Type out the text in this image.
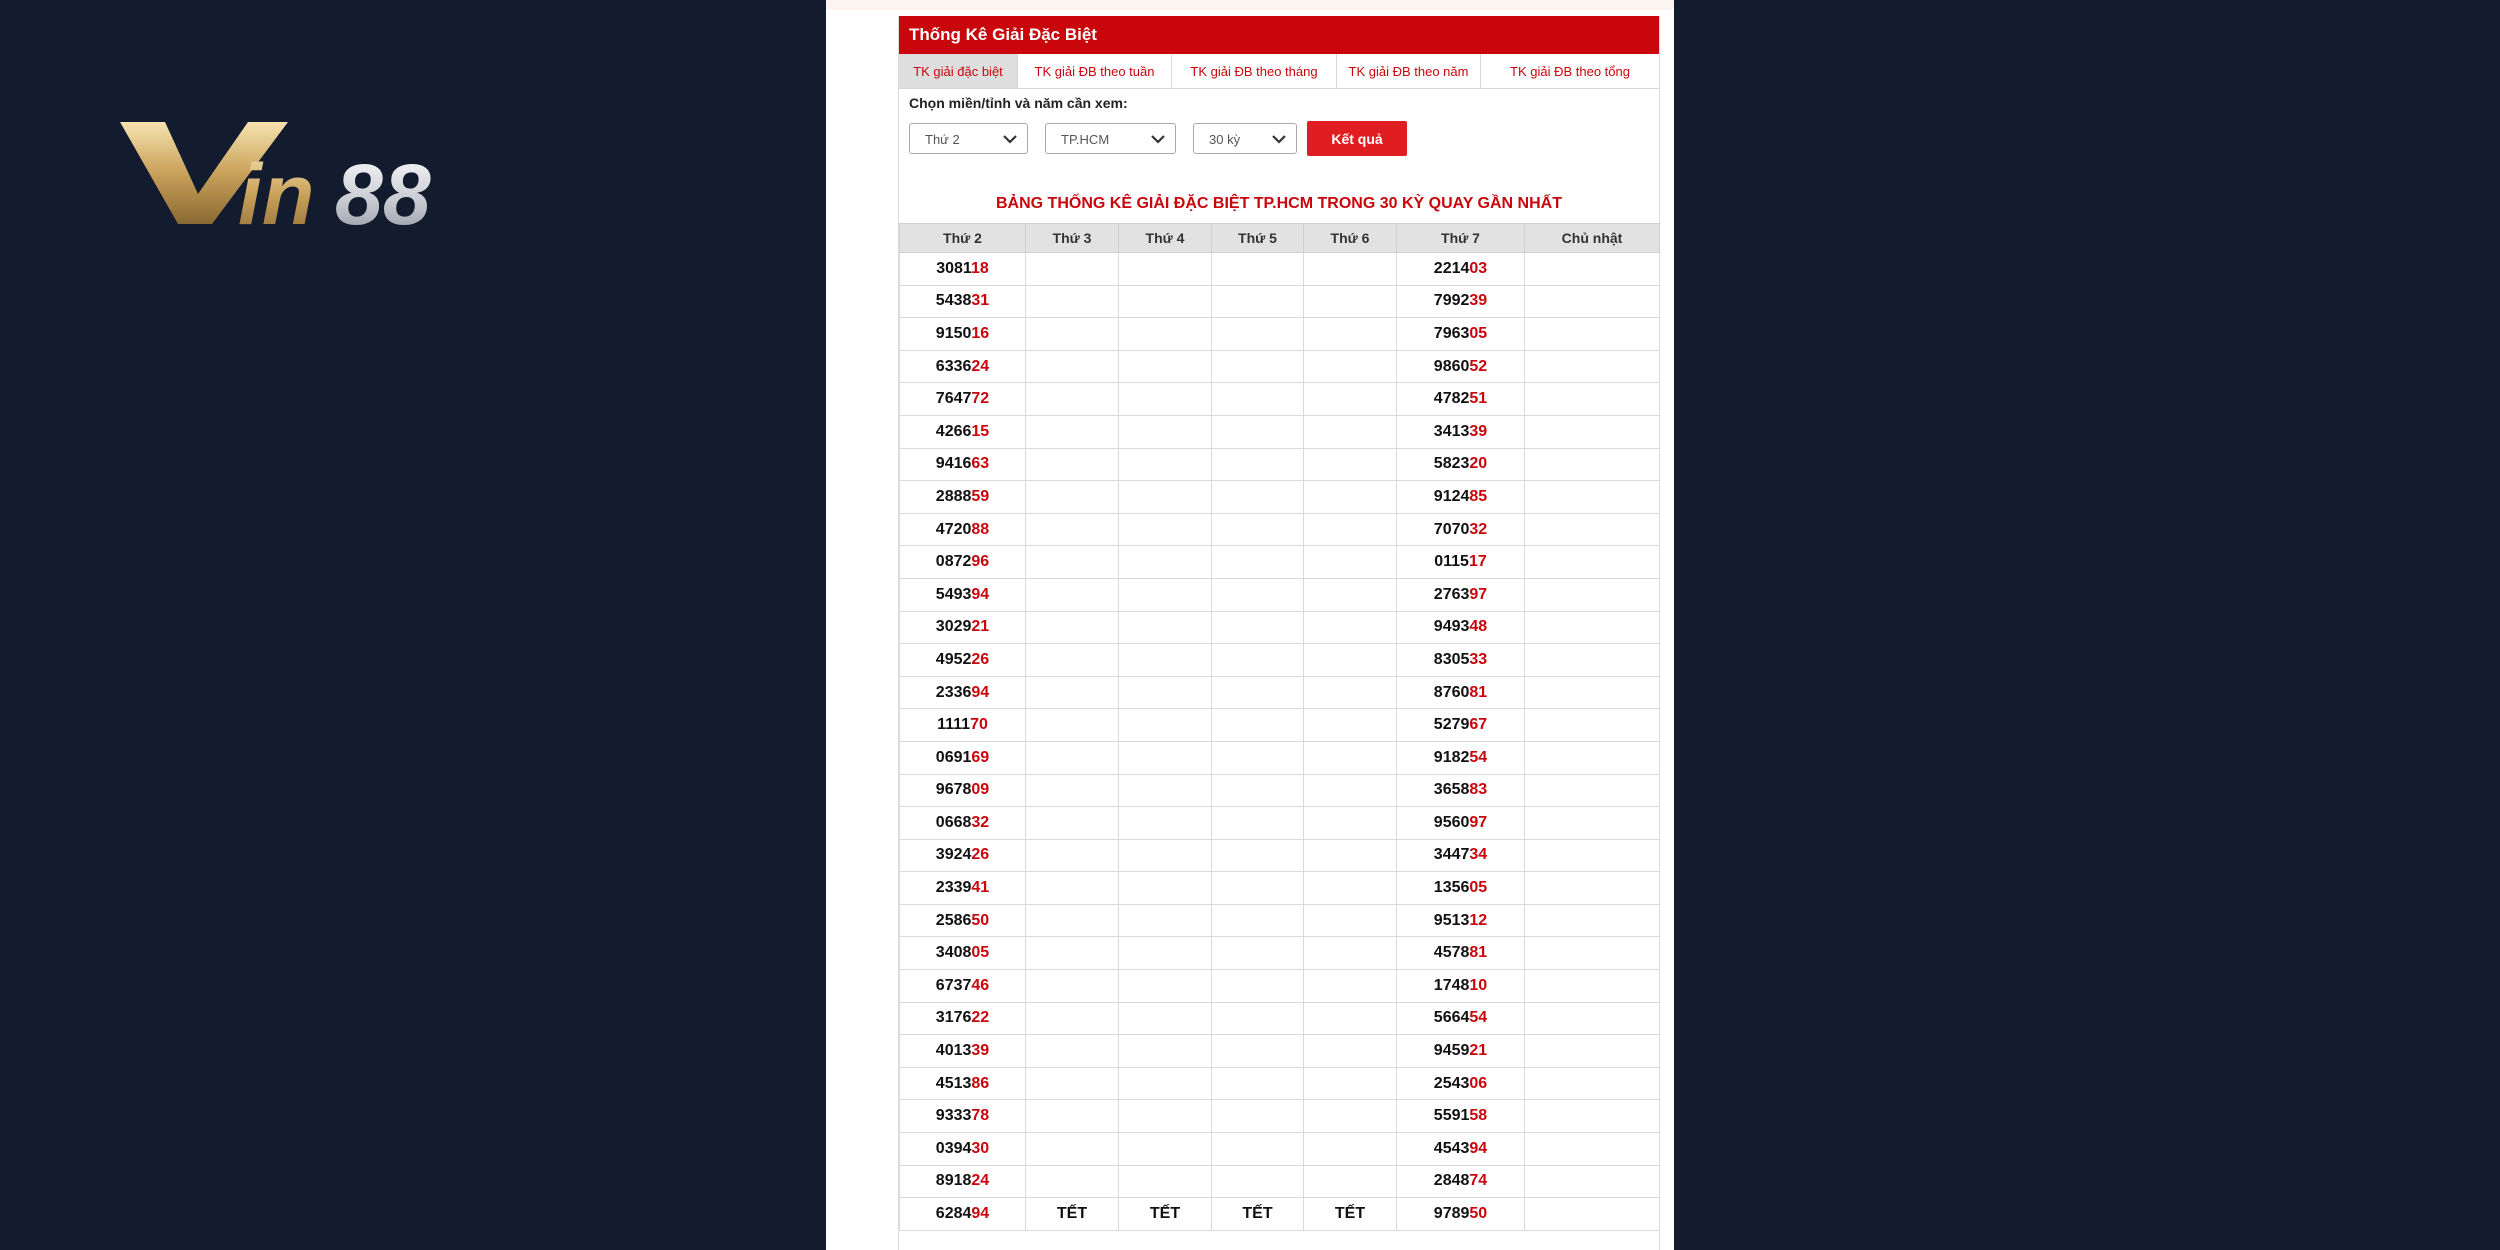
in 88
Thống Kê Giải Đặc Biệt
TK giải đặc biệt	TK giải ĐB theo tuần	TK giải ĐB theo tháng	TK giải ĐB theo năm	TK giải ĐB theo tổng
Chọn miền/tỉnh và năm cần xem:
Thứ 2	TP.HCM	30 kỳ	Kết quả
BẢNG THỐNG KÊ GIẢI ĐẶC BIỆT TP.HCM TRONG 30 KỲ QUAY GẦN NHẤT
Thứ 2	Thứ 3	Thứ 4	Thứ 5	Thứ 6	Thứ 7	Chủ nhật
308118					221403	
543831					799239	
915016					796305	
633624					986052	
764772					478251	
426615					341339	
941663					582320	
288859					912485	
472088					707032	
087296					011517	
549394					276397	
302921					949348	
495226					830533	
233694					876081	
111170					527967	
069169					918254	
967809					365883	
066832					956097	
392426					344734	
233941					135605	
258650					951312	
340805					457881	
673746					174810	
317622					566454	
401339					945921	
451386					254306	
933378					559158	
039430					454394	
891824					284874	
628494	TẾT	TẾT	TẾT	TẾT	978950	
